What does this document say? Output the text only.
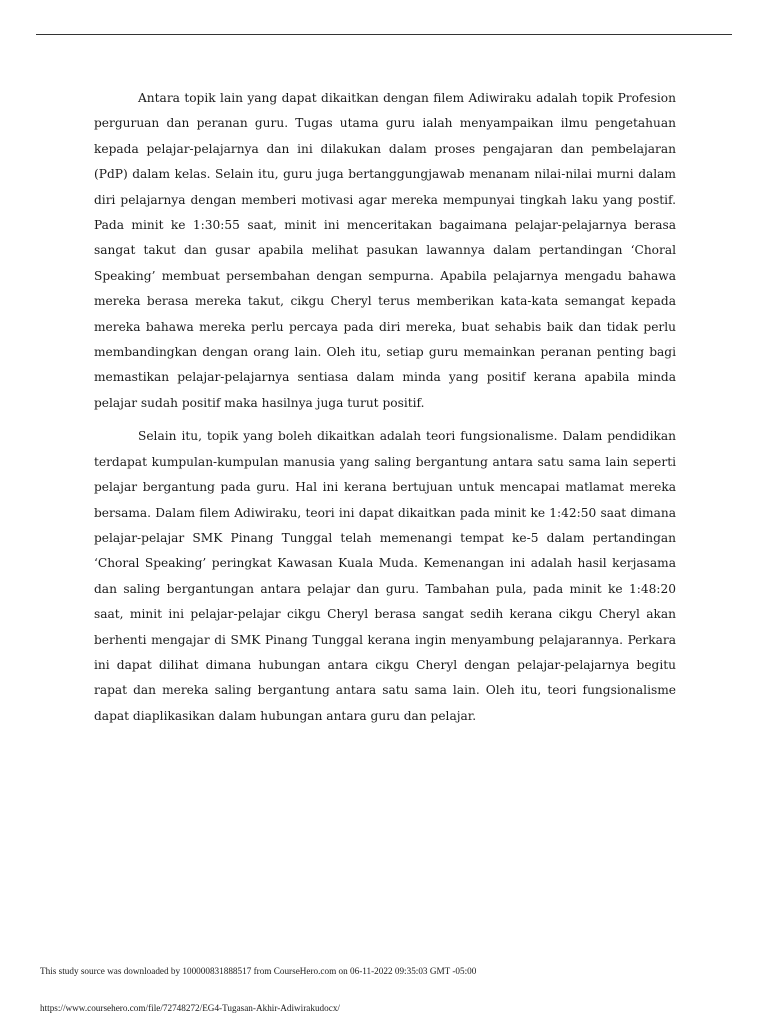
Antara topik lain yang dapat dikaitkan dengan filem Adiwiraku adalah topik Profesion perguruan dan peranan guru. Tugas utama guru ialah menyampaikan ilmu pengetahuan kepada pelajar-pelajarnya dan ini dilakukan dalam proses pengajaran dan pembelajaran (PdP) dalam kelas. Selain itu, guru juga bertanggungjawab menanam nilai-nilai murni dalam diri pelajarnya dengan memberi motivasi agar mereka mempunyai tingkah laku yang postif. Pada minit ke 1:30:55 saat, minit ini menceritakan bagaimana pelajar-pelajarnya berasa sangat takut dan gusar apabila melihat pasukan lawannya dalam pertandingan ‘Choral Speaking’ membuat persembahan dengan sempurna. Apabila pelajarnya mengadu bahawa mereka berasa mereka takut, cikgu Cheryl terus memberikan kata-kata semangat kepada mereka bahawa mereka perlu percaya pada diri mereka, buat sehabis baik dan tidak perlu membandingkan dengan orang lain. Oleh itu, setiap guru memainkan peranan penting bagi memastikan pelajar-pelajarnya sentiasa dalam minda yang positif kerana apabila minda pelajar sudah positif maka hasilnya juga turut positif.

Selain itu, topik yang boleh dikaitkan adalah teori fungsionalisme. Dalam pendidikan terdapat kumpulan-kumpulan manusia yang saling bergantung antara satu sama lain seperti pelajar bergantung pada guru. Hal ini kerana bertujuan untuk mencapai matlamat mereka bersama. Dalam filem Adiwiraku, teori ini dapat dikaitkan pada minit ke 1:42:50 saat dimana pelajar-pelajar SMK Pinang Tunggal telah memenangi tempat ke-5 dalam pertandingan ‘Choral Speaking’ peringkat Kawasan Kuala Muda. Kemenangan ini adalah hasil kerjasama dan saling bergantungan antara pelajar dan guru. Tambahan pula, pada minit ke 1:48:20 saat, minit ini pelajar-pelajar cikgu Cheryl berasa sangat sedih kerana cikgu Cheryl akan berhenti mengajar di SMK Pinang Tunggal kerana ingin menyambung pelajarannya. Perkara ini dapat dilihat dimana hubungan antara cikgu Cheryl dengan pelajar-pelajarnya begitu rapat dan mereka saling bergantung antara satu sama lain. Oleh itu, teori fungsionalisme dapat diaplikasikan dalam hubungan antara guru dan pelajar.

This study source was downloaded by 100000831888517 from CourseHero.com on 06-11-2022 09:35:03 GMT -05:00
https://www.coursehero.com/file/72748272/EG4-Tugasan-Akhir-Adiwirakudocx/
